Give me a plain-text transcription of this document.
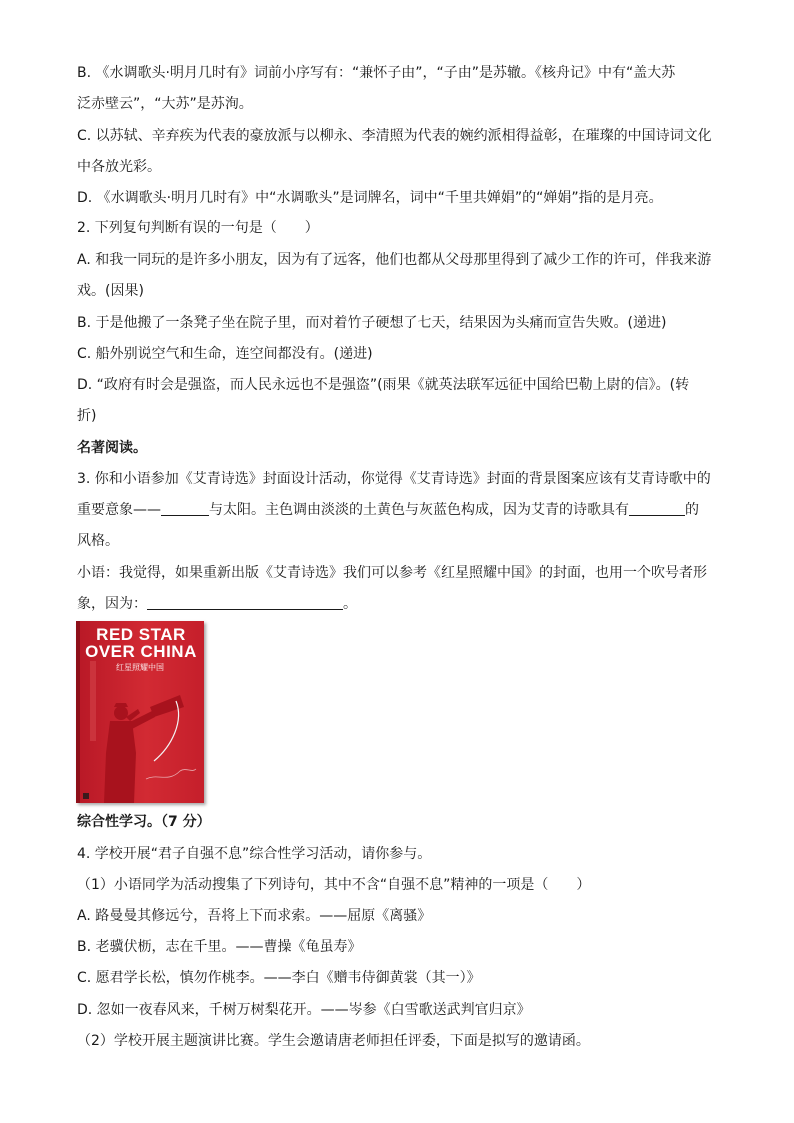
B. 《水调歌头·明月几时有》词前小序写有：“兼怀子由”，“子由”是苏辙。《核舟记》中有“盖大苏
泛赤壁云”，“大苏”是苏洵。
C. 以苏轼、辛弃疾为代表的豪放派与以柳永、李清照为代表的婉约派相得益彰，在璀璨的中国诗词文化
中各放光彩。
D. 《水调歌头·明月几时有》中“水调歌头”是词牌名，词中“千里共婵娟”的“婵娟”指的是月亮。
2. 下列复句判断有误的一句是（　　）
A. 和我一同玩的是许多小朋友，因为有了远客，他们也都从父母那里得到了减少工作的许可，伴我来游
戏。(因果)
B. 于是他搬了一条凳子坐在院子里，而对着竹子硬想了七天，结果因为头痛而宣告失败。(递进)
C. 船外别说空气和生命，连空间都没有。(递进)
D. “政府有时会是强盗，而人民永远也不是强盗”(雨果《就英法联军远征中国给巴勒上尉的信》。(转
折)
名著阅读。
3. 你和小语参加《艾青诗选》封面设计活动，你觉得《艾青诗选》封面的背景图案应该有艾青诗歌中的
重要意象——	与太阳。主色调由淡淡的土黄色与灰蓝色构成，因为艾青的诗歌具有	的
风格。
小语：我觉得，如果重新出版《艾青诗选》我们可以参考《红星照耀中国》的封面，也用一个吹号者形
象，因为：	。
RED STAR
OVER CHINA
红星照耀中国
综合性学习。（7 分）
4. 学校开展“君子自强不息”综合性学习活动，请你参与。
（1）小语同学为活动搜集了下列诗句，其中不含“自强不息”精神的一项是（　　）
A. 路曼曼其修远兮，吾将上下而求索。——屈原《离骚》
B. 老骥伏枥，志在千里。——曹操《龟虽寿》
C. 愿君学长松，慎勿作桃李。——李白《赠韦侍御黄裳（其一）》
D. 忽如一夜春风来，千树万树梨花开。——岑参《白雪歌送武判官归京》
（2）学校开展主题演讲比赛。学生会邀请唐老师担任评委，下面是拟写的邀请函。
